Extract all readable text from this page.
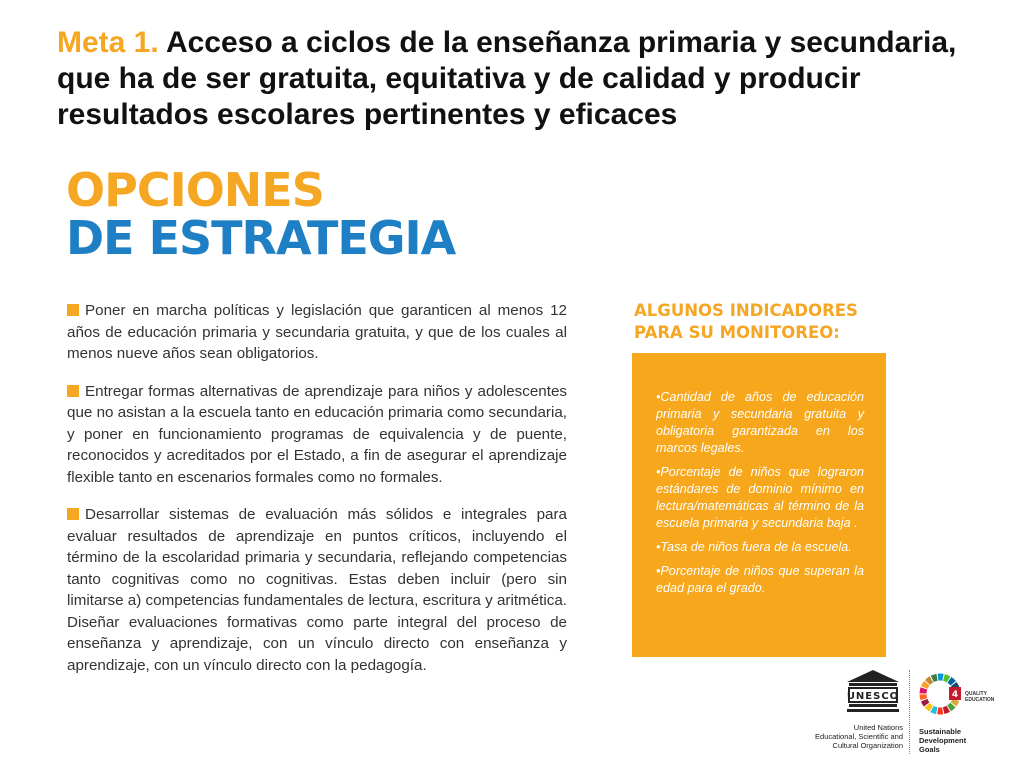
Meta 1. Acceso a ciclos de la enseñanza primaria y secundaria, que ha de ser gratuita, equitativa y de calidad y producir resultados escolares pertinentes y eficaces
OPCIONES
DE ESTRATEGIA
Poner en marcha políticas y legislación que garanticen al menos 12 años de educación primaria y secundaria gratuita, y que de los cuales al menos nueve años sean obligatorios.
Entregar formas alternativas de aprendizaje para niños y adolescentes que no asistan a la escuela tanto en educación primaria como secundaria, y poner en funcionamiento programas de equivalencia y de puente, reconocidos y acreditados por el Estado, a fin de asegurar el aprendizaje flexible tanto en escenarios formales como no formales.
Desarrollar sistemas de evaluación más sólidos e integrales para evaluar resultados de aprendizaje en puntos críticos, incluyendo el término de la escolaridad primaria y secundaria, reflejando competencias tanto cognitivas como no cognitivas. Estas deben incluir (pero sin limitarse a) competencias fundamentales de lectura, escritura y aritmética. Diseñar evaluaciones formativas como parte integral del proceso de enseñanza y aprendizaje, con un vínculo directo con enseñanza y aprendizaje, con un vínculo directo con la pedagogía.
ALGUNOS INDICADORES
PARA SU MONITOREO:
•Cantidad de años de educación primaria y secundaria gratuita y obligatoria garantizada en los marcos legales.
•Porcentaje de niños que lograron estándares de dominio mínimo en lectura/matemáticas al término de la escuela primaria y secundaria baja .
•Tasa de niños fuera de la escuela.
•Porcentaje de niños que superan la edad para el grado.
UNESCO
United Nations
Educational, Scientific and
Cultural Organization
4 QUALITY
EDUCATION
Sustainable
Development
Goals
